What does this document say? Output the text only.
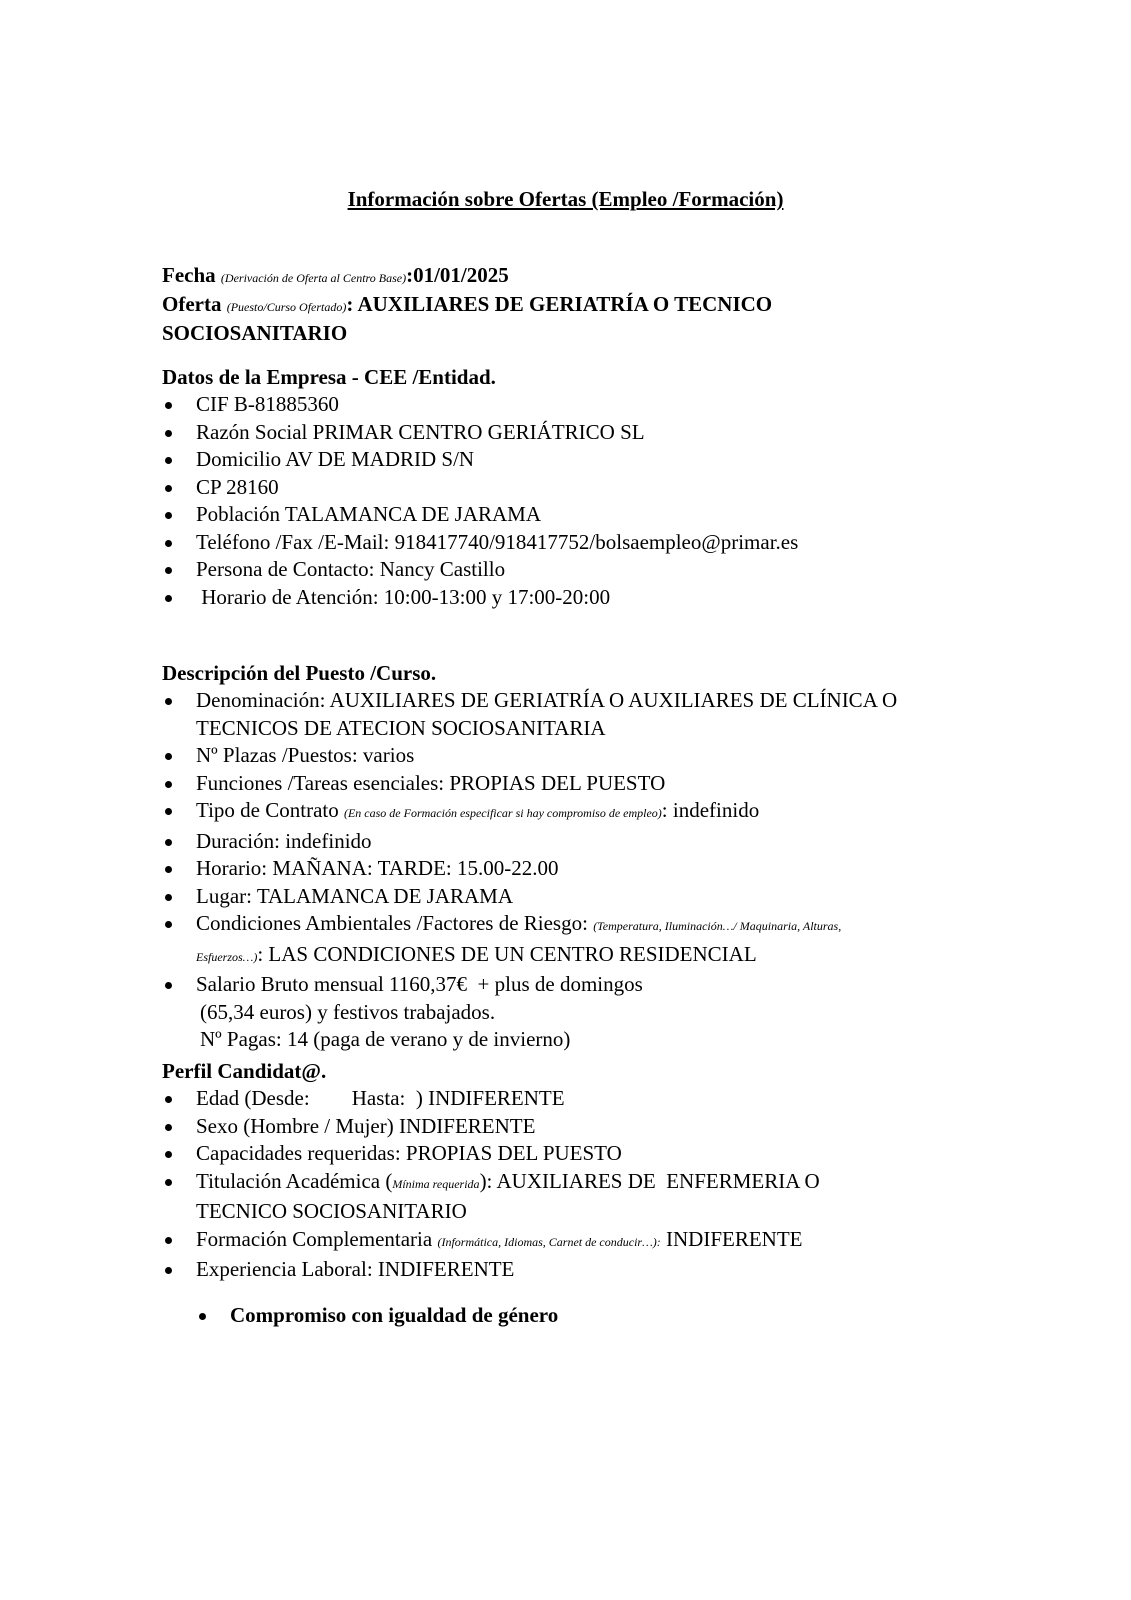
Información sobre Ofertas (Empleo /Formación)
Fecha (Derivación de Oferta al Centro Base):01/01/2025
Oferta (Puesto/Curso Ofertado): AUXILIARES DE GERIATRÍA O TECNICO
SOCIOSANITARIO
Datos de la Empresa - CEE /Entidad.
CIF B-81885360
Razón Social PRIMAR CENTRO GERIÁTRICO SL
Domicilio AV DE MADRID S/N
CP 28160
Población TALAMANCA DE JARAMA
Teléfono /Fax /E-Mail: 918417740/918417752/bolsaempleo@primar.es
Persona de Contacto: Nancy Castillo
Horario de Atención: 10:00-13:00 y 17:00-20:00
Descripción del Puesto /Curso.
Denominación: AUXILIARES DE GERIATRÍA O AUXILIARES DE CLÍNICA O
TECNICOS DE ATECION SOCIOSANITARIA
Nº Plazas /Puestos: varios
Funciones /Tareas esenciales: PROPIAS DEL PUESTO
Tipo de Contrato (En caso de Formación especificar si hay compromiso de empleo): indefinido
Duración: indefinido
Horario: MAÑANA: TARDE: 15.00-22.00
Lugar: TALAMANCA DE JARAMA
Condiciones Ambientales /Factores de Riesgo: (Temperatura, Iluminación…/ Maquinaria, Alturas,
Esfuerzos…): LAS CONDICIONES DE UN CENTRO RESIDENCIAL
Salario Bruto mensual 1160,37€  + plus de domingos
(65,34 euros) y festivos trabajados.
Nº Pagas: 14 (paga de verano y de invierno)
Perfil Candidat@.
Edad (Desde:        Hasta:  ) INDIFERENTE
Sexo (Hombre / Mujer) INDIFERENTE
Capacidades requeridas: PROPIAS DEL PUESTO
Titulación Académica (Mínima requerida): AUXILIARES DE  ENFERMERIA O
TECNICO SOCIOSANITARIO
Formación Complementaria (Informática, Idiomas, Carnet de conducir…): INDIFERENTE
Experiencia Laboral: INDIFERENTE
Compromiso con igualdad de género
